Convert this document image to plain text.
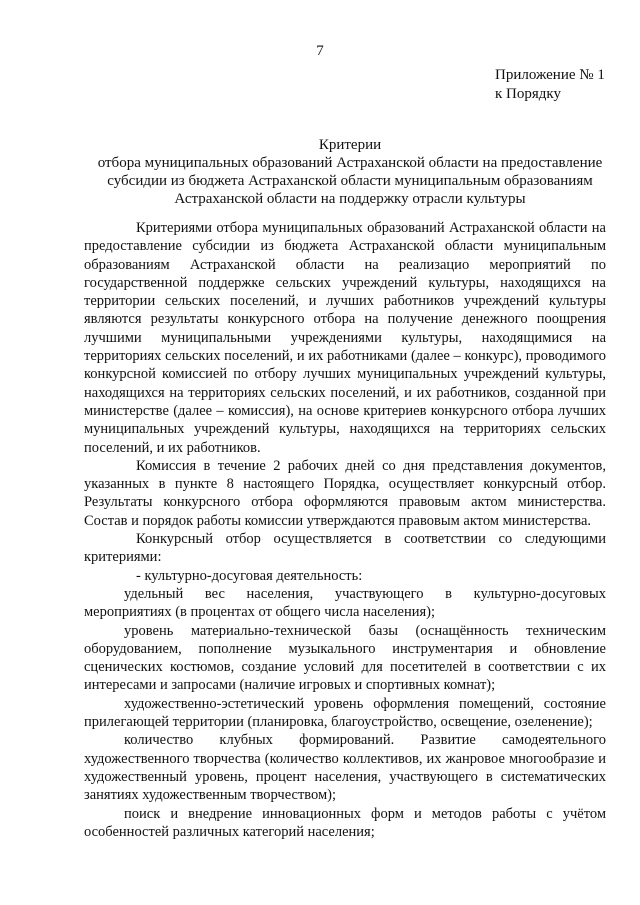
7
Приложение № 1
к Порядку
Критерии
отбора муниципальных образований Астраханской области на предоставление
субсидии из бюджета Астраханской области муниципальным образованиям
Астраханской области на поддержку отрасли культуры

Критериями отбора муниципальных образований Астраханской области на предоставление субсидии из бюджета Астраханской области муниципальным образованиям Астраханской области на реализацио мероприятий по государственной поддержке сельских учреждений культуры, находящихся на территории сельских поселений, и лучших работников учреждений культуры являются результаты конкурсного отбора на получение денежного поощрения лучшими муниципальными учреждениями культуры, находящимися на территориях сельских поселений, и их работниками (далее – конкурс), проводимого конкурсной комиссией по отбору лучших муниципальных учреждений культуры, находящихся на территориях сельских поселений, и их работников, созданной при министерстве (далее – комиссия), на основе критериев конкурсного отбора лучших муниципальных учреждений культуры, находящихся на территориях сельских поселений, и их работников.

Комиссия в течение 2 рабочих дней со дня представления документов, указанных в пункте 8 настоящего Порядка, осуществляет конкурсный отбор. Результаты конкурсного отбора оформляются правовым актом министерства. Состав и порядок работы комиссии утверждаются правовым актом министерства.

Конкурсный отбор осуществляется в соответствии со следующими критериями:

- культурно-досуговая деятельность:

удельный вес населения, участвующего в культурно-досуговых мероприятиях (в процентах от общего числа населения);

уровень материально-технической базы (оснащённость техническим оборудованием, пополнение музыкального инструментария и обновление сценических костюмов, создание условий для посетителей в соответствии с их интересами и запросами (наличие игровых и спортивных комнат);

художественно-эстетический уровень оформления помещений, состояние прилегающей территории (планировка, благоустройство, освещение, озеленение);

количество клубных формирований. Развитие самодеятельного художественного творчества (количество коллективов, их жанровое многообразие и художественный уровень, процент населения, участвующего в систематических занятиях художественным творчеством);

поиск и внедрение инновационных форм и методов работы с учётом особенностей различных категорий населения;
